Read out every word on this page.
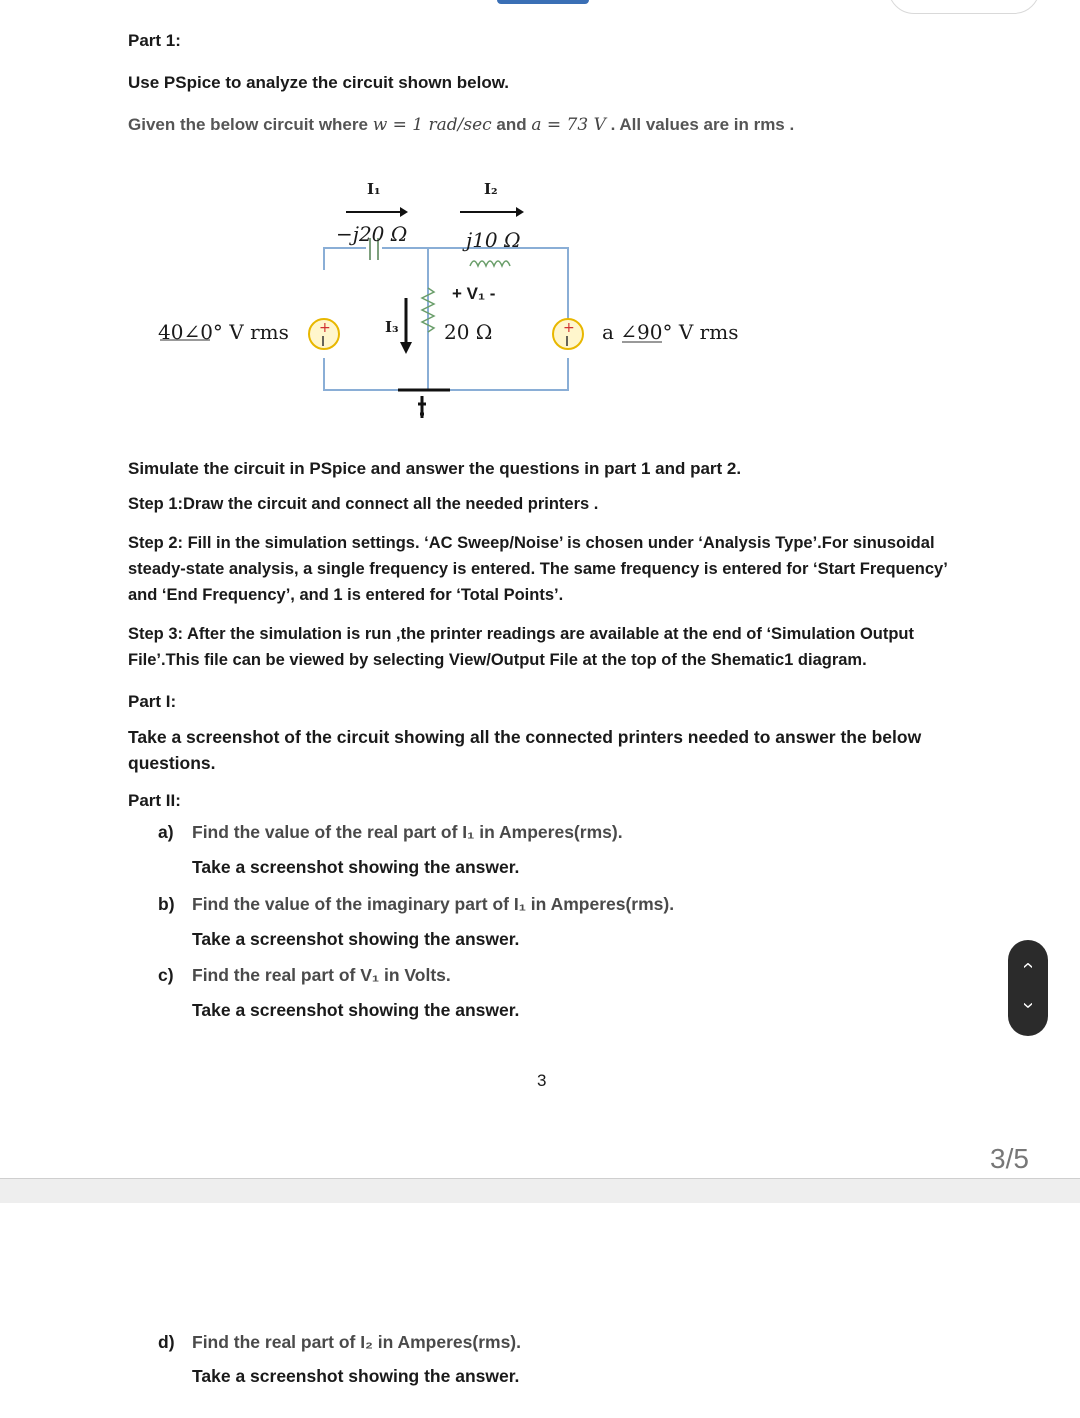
Part 1:
Use PSpice to analyze the circuit shown below.
Given the below circuit where w = 1 rad/sec and a = 73 V . All values are in rms .
+	+
I₁	I₂
−j20 Ω	j10 Ω
+ V₁ -
I₃ 20 Ω
40∠0° V rms	a ∠90° V rms
Simulate the circuit in PSpice and answer the questions in part 1 and part 2.
Step 1:Draw the circuit and connect all the needed printers .
Step 2: Fill in the simulation settings. ‘AC Sweep/Noise’ is chosen under ‘Analysis Type’.For sinusoidal steady-state analysis, a single frequency is entered. The same frequency is entered for ‘Start Frequency’ and ‘End Frequency’, and 1 is entered for ‘Total Points’.
Step 3: After the simulation is run ,the printer readings are available at the end of ‘Simulation Output File’.This file can be viewed by selecting View/Output File at the top of the Shematic1 diagram.
Part I:
Take a screenshot of the circuit showing all the connected printers needed to answer the below questions.
Part II:
a) Find the value of the real part of I₁ in Amperes(rms).
Take a screenshot showing the answer.
b) Find the value of the imaginary part of I₁ in Amperes(rms).
Take a screenshot showing the answer.
c) Find the real part of V₁ in Volts.
Take a screenshot showing the answer.
3
‹
›
3/5
d) Find the real part of I₂ in Amperes(rms).
Take a screenshot showing the answer.
